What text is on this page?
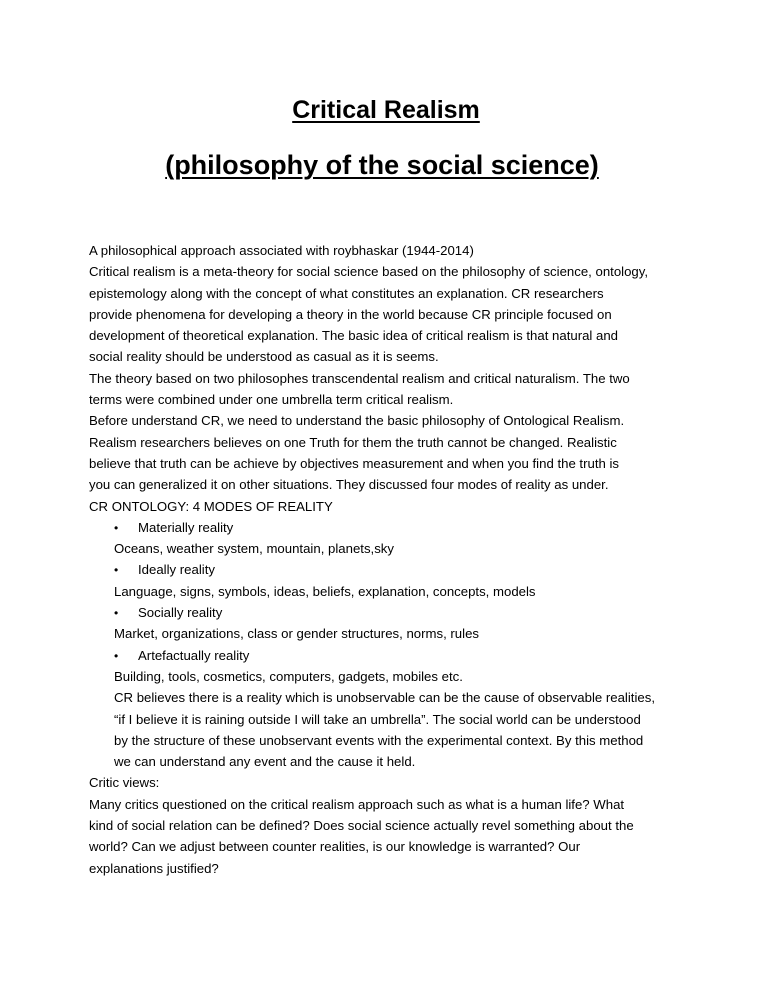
Critical Realism
(philosophy of the social science)
A philosophical approach associated with roybhaskar (1944-2014)
Critical realism is a meta-theory for social science based on the philosophy of science, ontology,
epistemology along with the concept of what constitutes an explanation. CR researchers
provide phenomena for developing a theory in the world because CR principle focused on
development of theoretical explanation. The basic idea of critical realism is that natural and
social reality should be understood as casual as it is seems.
The theory based on two philosophes transcendental realism and critical naturalism. The two
terms were combined under one umbrella term critical realism.
Before understand CR, we need to understand the basic philosophy of Ontological Realism.
Realism researchers believes on one Truth for them the truth cannot be changed. Realistic
believe that truth can be achieve by objectives measurement and when you find the truth is
you can generalized it on other situations. They discussed four modes of reality as under.
CR ONTOLOGY: 4 MODES OF REALITY
• Materially reality
Oceans, weather system, mountain, planets,sky
• Ideally reality
Language, signs, symbols, ideas, beliefs, explanation, concepts, models
• Socially reality
Market, organizations, class or gender structures, norms, rules
• Artefactually reality
Building, tools, cosmetics, computers, gadgets, mobiles etc.
CR believes there is a reality which is unobservable can be the cause of observable realities,
“if I believe it is raining outside I will take an umbrella”. The social world can be understood
by the structure of these unobservant events with the experimental context. By this method
we can understand any event and the cause it held.
Critic views:
Many critics questioned on the critical realism approach such as what is a human life? What
kind of social relation can be defined? Does social science actually revel something about the
world? Can we adjust between counter realities, is our knowledge is warranted? Our
explanations justified?
